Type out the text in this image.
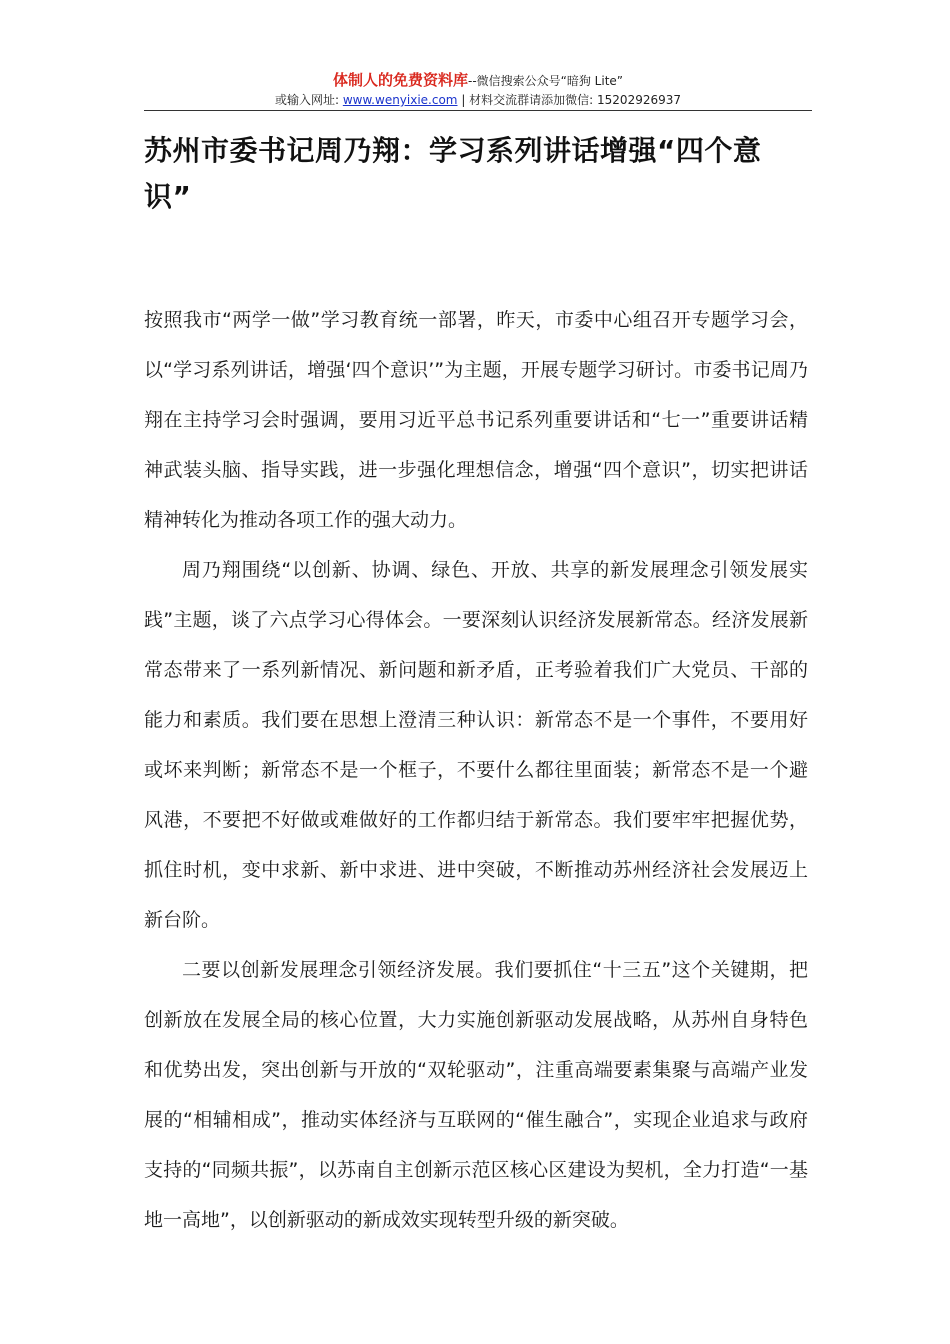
体制人的免费资料库--微信搜索公众号“暗狗 Lite”
或输入网址: www.wenyixie.com | 材料交流群请添加微信: 15202926937
苏州市委书记周乃翔：学习系列讲话增强“四个意识”

按照我市“两学一做”学习教育统一部署，昨天，市委中心组召开专题学习会，以“学习系列讲话，增强‘四个意识’”为主题，开展专题学习研讨。市委书记周乃翔在主持学习会时强调，要用习近平总书记系列重要讲话和“七一”重要讲话精神武装头脑、指导实践，进一步强化理想信念，增强“四个意识”，切实把讲话精神转化为推动各项工作的强大动力。

周乃翔围绕“以创新、协调、绿色、开放、共享的新发展理念引领发展实践”主题，谈了六点学习心得体会。一要深刻认识经济发展新常态。经济发展新常态带来了一系列新情况、新问题和新矛盾，正考验着我们广大党员、干部的能力和素质。我们要在思想上澄清三种认识：新常态不是一个事件，不要用好或坏来判断；新常态不是一个框子，不要什么都往里面装；新常态不是一个避风港，不要把不好做或难做好的工作都归结于新常态。我们要牢牢把握优势，抓住时机，变中求新、新中求进、进中突破，不断推动苏州经济社会发展迈上新台阶。

二要以创新发展理念引领经济发展。我们要抓住“十三五”这个关键期，把创新放在发展全局的核心位置，大力实施创新驱动发展战略，从苏州自身特色和优势出发，突出创新与开放的“双轮驱动”，注重高端要素集聚与高端产业发展的“相辅相成”，推动实体经济与互联网的“催生融合”，实现企业追求与政府支持的“同频共振”，以苏南自主创新示范区核心区建设为契机，全力打造“一基地一高地”，以创新驱动的新成效实现转型升级的新突破。
